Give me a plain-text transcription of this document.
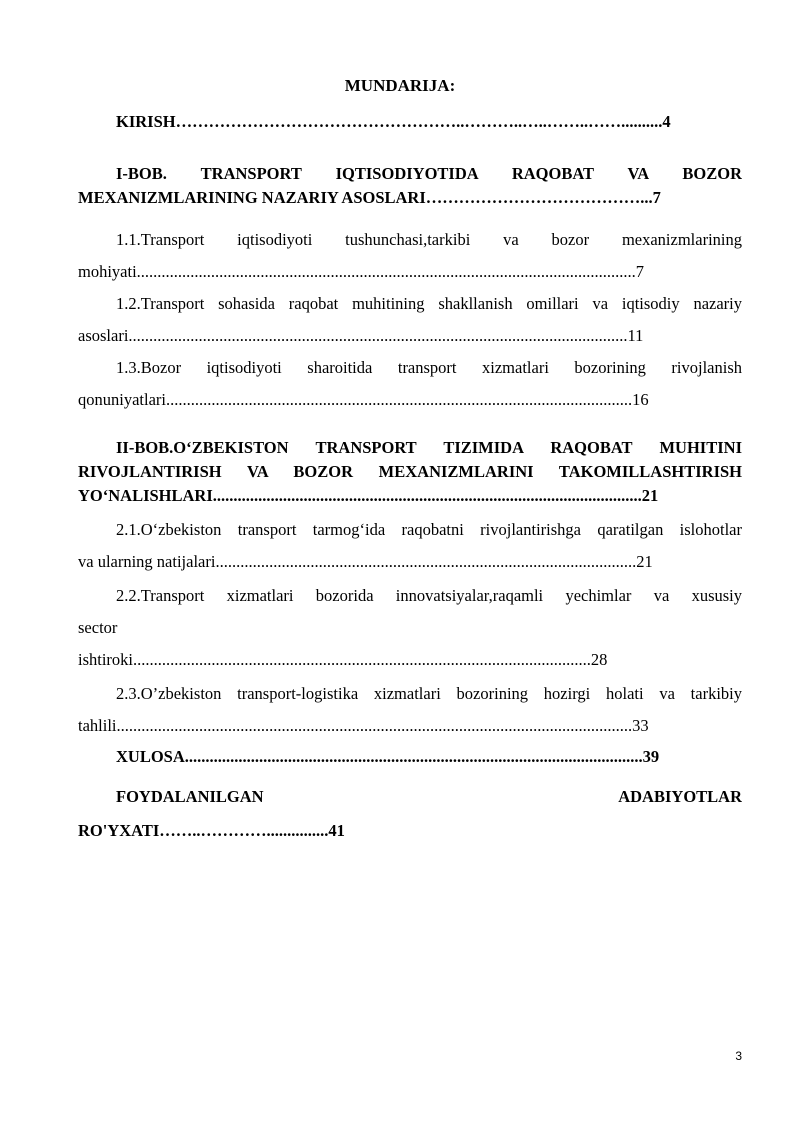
MUNDARIJA:
KIRISH……………………………………………..………..…..……..……..........4
I-BOB. TRANSPORT IQTISODIYOTIDA RAQOBAT VA BOZOR
MEXANIZMLARINING NAZARIY ASOSLARI…………………………………...7
1.1.Transport iqtisodiyoti tushunchasi,tarkibi va bozor mexanizmlarining
mohiyati.........................................................................................................................7
1.2.Transport sohasida raqobat muhitining shakllanish omillari va iqtisodiy nazariy
asoslari.........................................................................................................................11
1.3.Bozor iqtisodiyoti sharoitida transport xizmatlari bozorining rivojlanish
qonuniyatlari.................................................................................................................16
II-BOB.O‘ZBEKISTON TRANSPORT TIZIMIDA RAQOBAT MUHITINI
RIVOJLANTIRISH VA BOZOR MEXANIZMLARINI TAKOMILLASHTIRISH
YO‘NALISHLARI........................................................................................................21
2.1.O‘zbekiston transport tarmog‘ida raqobatni rivojlantirishga qaratilgan islohotlar
va ularning natijalari......................................................................................................21
2.2.Transport xizmatlari bozorida innovatsiyalar,raqamli yechimlar va xususiy
sector
ishtiroki...............................................................................................................28
2.3.O’zbekiston transport-logistika xizmatlari bozorining hozirgi holati va tarkibiy
tahlili.............................................................................................................................33
XULOSA...............................................................................................................39
FOYDALANILGAN ADABIYOTLAR
RO'YXATI……..…………...............41
3
